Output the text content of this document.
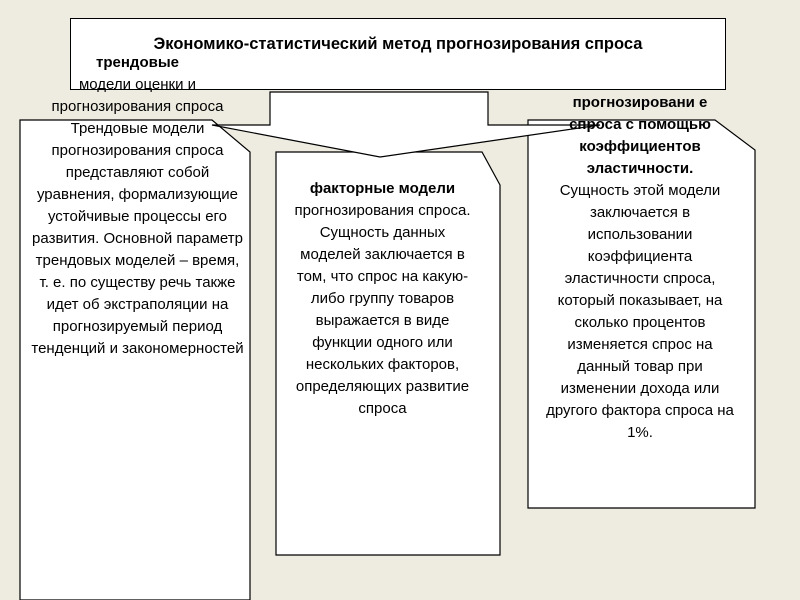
Экономико-статистический метод прогнозирования спроса
трендовые
модели оценки и прогнозирования спроса
Трендовые модели прогнозирования спроса представляют собой уравнения, формализующие устойчивые процессы его развития. Основной параметр трендовых моделей – время, т. е. по существу речь также идет об экстраполяции на прогнозируемый период тенденций и закономерностей
факторные модели
прогнозирования спроса. Сущность данных моделей заключается в том, что спрос на какую-либо группу товаров выражается в виде функции одного или нескольких факторов, определяющих развитие спроса
прогнозировани е спроса с помощью коэффициентов эластичности.
Сущность этой модели заключается в использовании коэффициента эластичности спроса, который показывает, на сколько процентов изменяется спрос на данный товар при изменении дохода или другого фактора спроса на 1%.
